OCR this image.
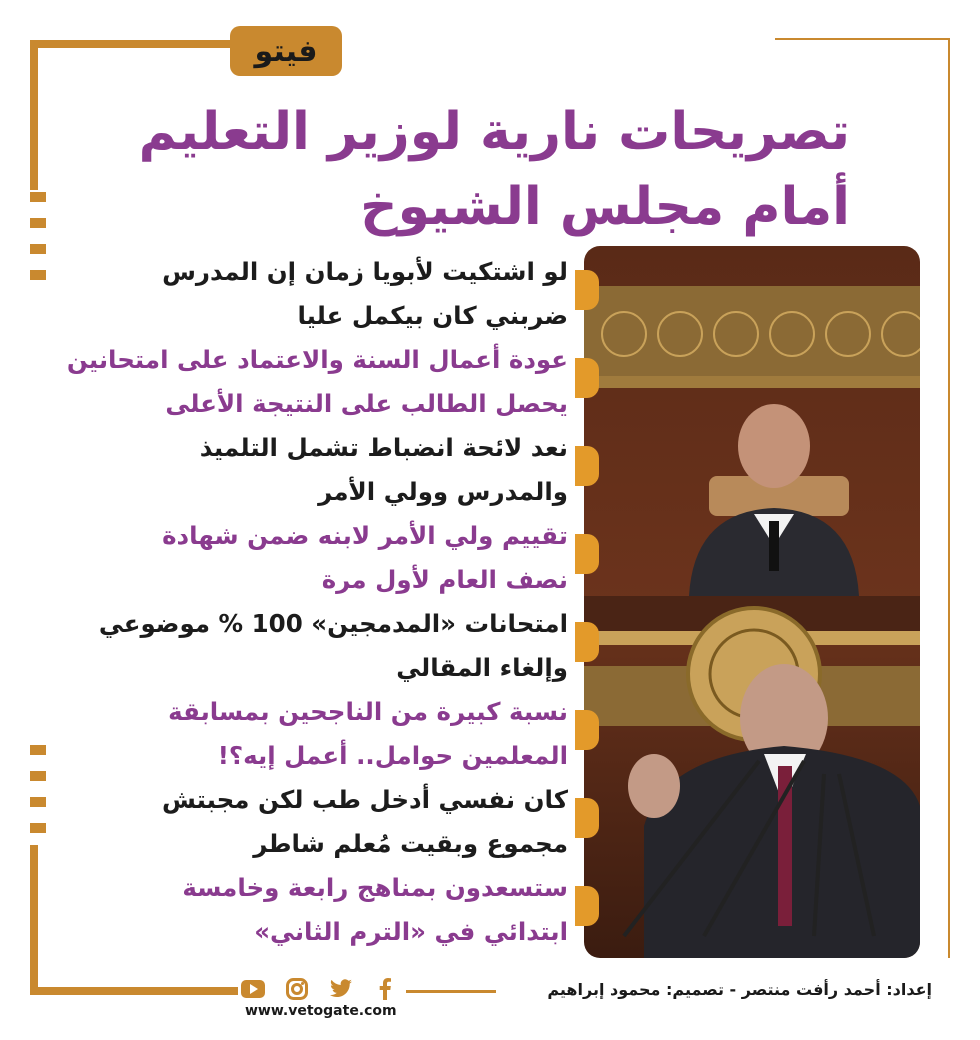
فيتو
تصريحات نارية لوزير التعليم
أمام مجلس الشيوخ
لو اشتكيت لأبويا زمان إن المدرس
ضربني كان بيكمل عليا
عودة أعمال السنة والاعتماد على امتحانين
يحصل الطالب على النتيجة الأعلى
نعد لائحة انضباط تشمل التلميذ
والمدرس وولي الأمر
تقييم ولي الأمر لابنه ضمن شهادة
نصف العام لأول مرة
امتحانات «المدمجين» 100 % موضوعي
وإلغاء المقالي
نسبة كبيرة من الناجحين بمسابقة
المعلمين حوامل.. أعمل إيه؟!
كان نفسي أدخل طب لكن مجبتش
مجموع وبقيت مُعلم شاطر
ستسعدون بمناهج رابعة وخامسة
ابتدائي في «الترم الثاني»
إعداد: أحمد رأفت منتصر - تصميم: محمود إبراهيم
www.vetogate.com
